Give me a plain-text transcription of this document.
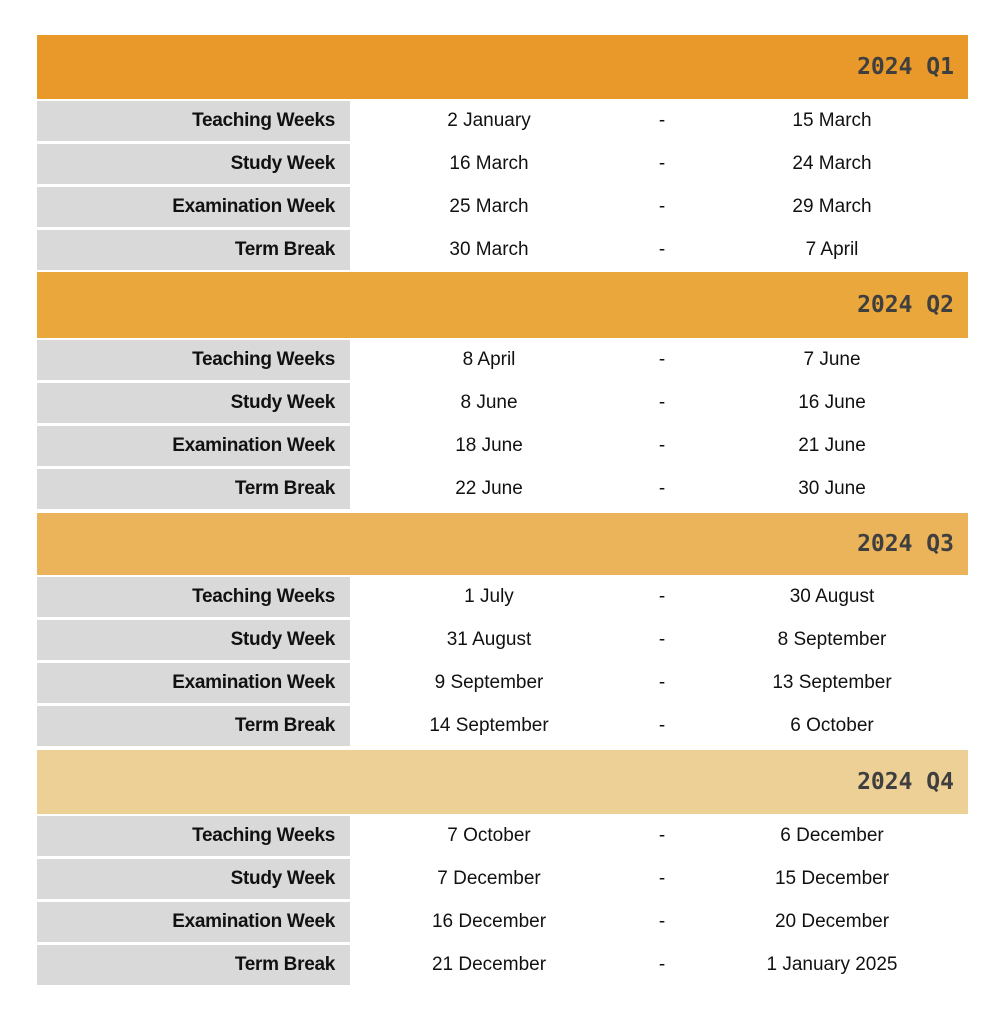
2024 Q1
Teaching Weeks	2 January	-	15 March
Study Week	16 March	-	24 March
Examination Week	25 March	-	29 March
Term Break	30 March	-	7 April
2024 Q2
Teaching Weeks	8 April	-	7 June
Study Week	8 June	-	16 June
Examination Week	18 June	-	21 June
Term Break	22 June	-	30 June
2024 Q3
Teaching Weeks	1 July	-	30 August
Study Week	31 August	-	8 September
Examination Week	9 September	-	13 September
Term Break	14 September	-	6 October
2024 Q4
Teaching Weeks	7 October	-	6 December
Study Week	7 December	-	15 December
Examination Week	16 December	-	20 December
Term Break	21 December	-	1 January 2025
